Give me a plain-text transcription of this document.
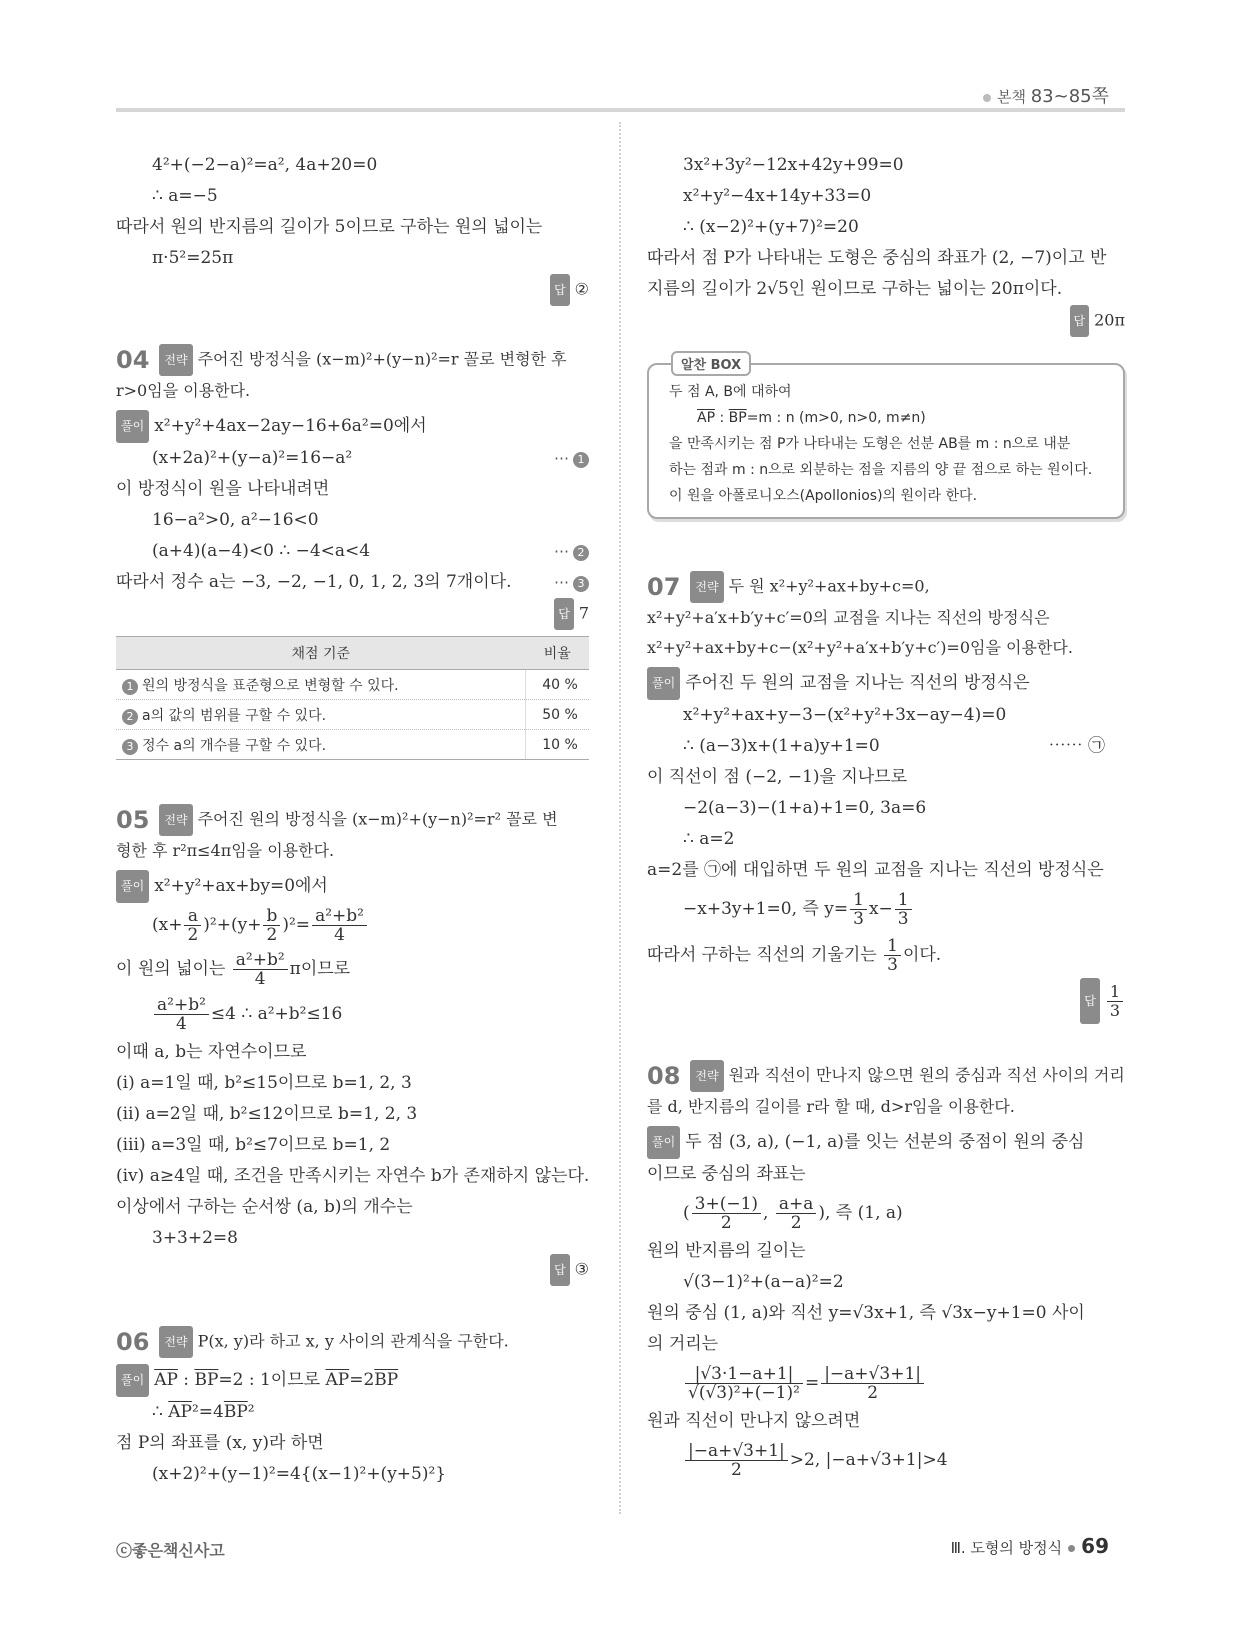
본책 83~85쪽
4²+(−2−a)²=a², 4a+20=0
∴ a=−5
따라서 원의 반지름의 길이가 5이므로 구하는 원의 넓이는
π·5²=25π
답 ②
04 전략 주어진 방정식을 (x−m)²+(y−n)²=r 꼴로 변형한 후
r>0임을 이용한다.
풀이 x²+y²+4ax−2ay−16+6a²=0에서
(x+2a)²+(y−a)²=16−a²	⋯ 1
이 방정식이 원을 나타내려면
16−a²>0, a²−16<0
(a+4)(a−4)<0 ∴ −4<a<4	⋯ 2
따라서 정수 a는 −3, −2, −1, 0, 1, 2, 3의 7개이다.	⋯ 3
답 7
채점 기준	비율
1 원의 방정식을 표준형으로 변형할 수 있다.	40 %
2 a의 값의 범위를 구할 수 있다.	50 %
3 정수 a의 개수를 구할 수 있다.	10 %
05 전략 주어진 원의 방정식을 (x−m)²+(y−n)²=r² 꼴로 변
형한 후 r²π≤4π임을 이용한다.
풀이 x²+y²+ax+by=0에서
$(x+ \frac{a}{2} )^2+(y+ \frac{b}{2} )^2= \frac{\text{a²+b²}}{4}$
이 원의 넓이는 $\frac{\text{a²+b²}}{4}$ π이므로
$\frac{\text{a²+b²}}{4} \le 4$ ∴ a²+b²≤16
이때 a, b는 자연수이므로
(ⅰ) a=1일 때, b²≤15이므로 b=1, 2, 3
(ⅱ) a=2일 때, b²≤12이므로 b=1, 2, 3
(ⅲ) a=3일 때, b²≤7이므로 b=1, 2
(ⅳ) a≥4일 때, 조건을 만족시키는 자연수 b가 존재하지 않는다.
이상에서 구하는 순서쌍 (a, b)의 개수는
3+3+2=8
답 ③
06 전략 P(x, y)라 하고 x, y 사이의 관계식을 구한다.
풀이 $\overline{AP}$ : $\overline{BP}=2$ : 1이므로 $\overline{AP}=2\overline{BP}$
∴ $\overline{AP}^2=4\overline{BP}^2$
점 P의 좌표를 (x, y)라 하면
(x+2)²+(y−1)²=4{(x−1)²+(y+5)²}
3x²+3y²−12x+42y+99=0
x²+y²−4x+14y+33=0
∴ (x−2)²+(y+7)²=20
따라서 점 P가 나타내는 도형은 중심의 좌표가 (2, −7)이고 반
지름의 길이가 2√5인 원이므로 구하는 넓이는 20π이다.
답 20π
알찬 BOX
두 점 A, B에 대하여
$\overline{AP}$ : $\overline{BP}=m$ : n (m>0, n>0, m≠n)
을 만족시키는 점 P가 나타내는 도형은 선분 AB를 m : n으로 내분
하는 점과 m : n으로 외분하는 점을 지름의 양 끝 점으로 하는 원이다.
이 원을 아폴로니오스(Apollonios)의 원이라 한다.
07 전략 두 원 x²+y²+ax+by+c=0,
x²+y²+a′x+b′y+c′=0의 교점을 지나는 직선의 방정식은
x²+y²+ax+by+c−(x²+y²+a′x+b′y+c′)=0임을 이용한다.
풀이 주어진 두 원의 교점을 지나는 직선의 방정식은
x²+y²+ax+y−3−(x²+y²+3x−ay−4)=0
∴ (a−3)x+(1+a)y+1=0	⋯⋯ ㉠
이 직선이 점 (−2, −1)을 지나므로
−2(a−3)−(1+a)+1=0, 3a=6
∴ a=2
a=2를 ㉠에 대입하면 두 원의 교점을 지나는 직선의 방정식은
−x+3y+1=0, 즉 $y= \frac{1}{3} x- \frac{1}{3}$
따라서 구하는 직선의 기울기는 $\frac{1}{3}$ 이다.
답 $\frac{1}{3}$
08 전략 원과 직선이 만나지 않으면 원의 중심과 직선 사이의 거리
를 d, 반지름의 길이를 r라 할 때, d>r임을 이용한다.
풀이 두 점 (3, a), (−1, a)를 잇는 선분의 중점이 원의 중심
이므로 중심의 좌표는
( $\frac{3+(-1)}{2}$ , $\frac{a+a}{2}$ ), 즉 (1, a)
원의 반지름의 길이는
√(3−1)²+(a−a)²=2
원의 중심 (1, a)와 직선 y=√3x+1, 즉 √3x−y+1=0 사이
의 거리는
$\frac{|√3\cdot 1-a+1|}{\text{√(√3)²+(−1)²}} = \frac{|-a+√3+1|}{2}$
원과 직선이 만나지 않으려면
$\frac{|-a+√3+1|}{2} >2$, |−a+√3+1|>4
ⓒ좋은책신사고	Ⅲ. 도형의 방정식 69
